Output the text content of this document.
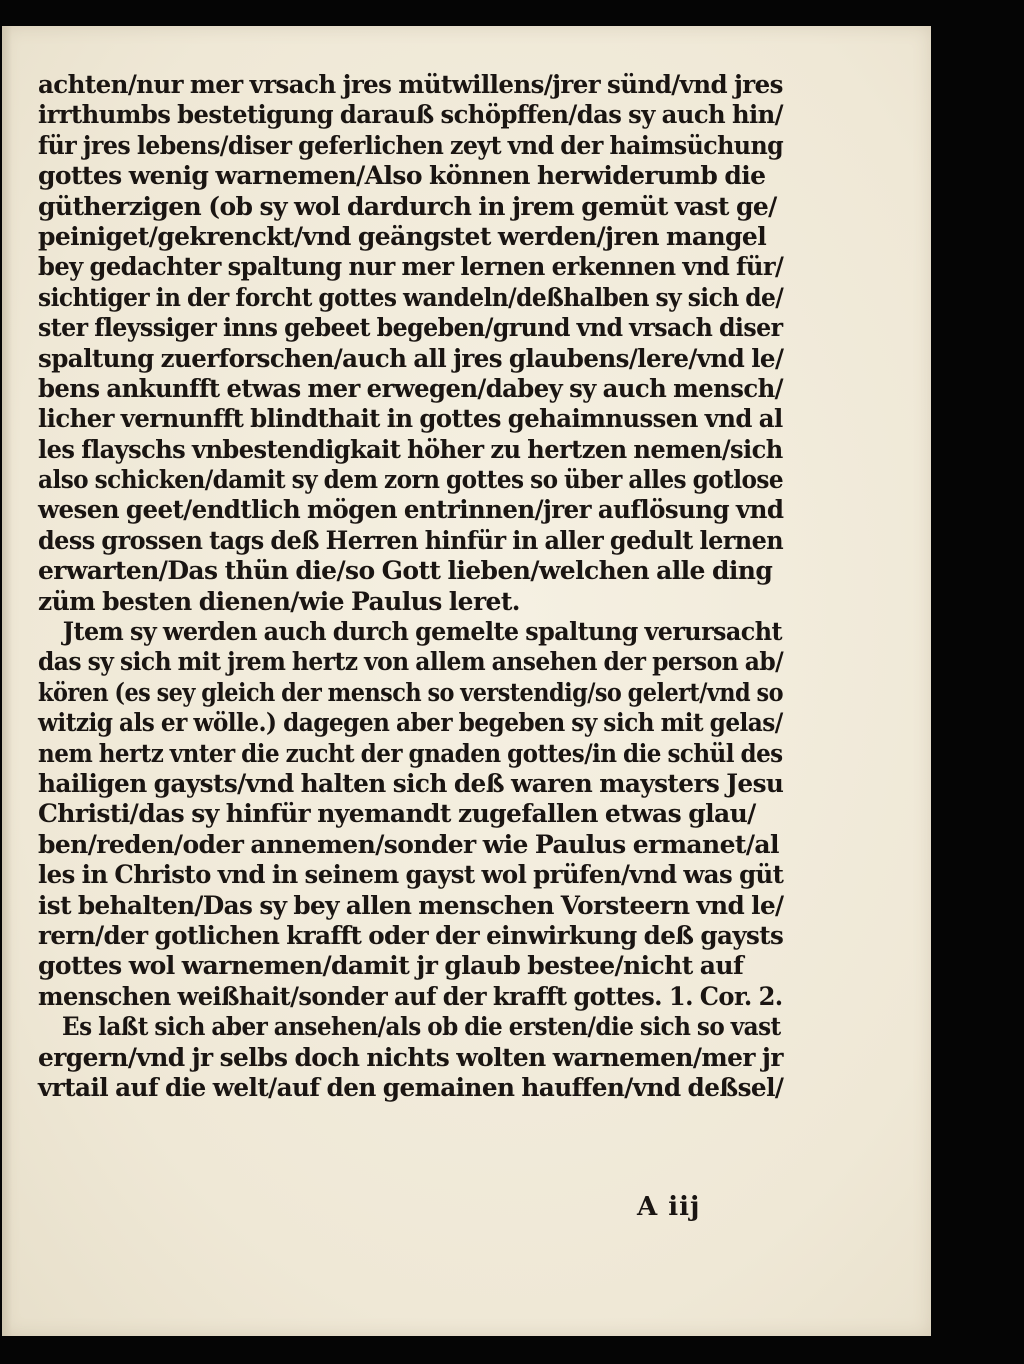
achten/nur mer vrsach jres mütwillens/jrer sünd/vnd jres
irrthumbs bestetigung darauß schöpffen/das sy auch hin/
für jres lebens/diser geferlichen zeyt vnd der haimsüchung
gottes wenig warnemen/Also können herwiderumb die
gütherzigen (ob sy wol dardurch in jrem gemüt vast ge/
peiniget/gekrenckt/vnd geängstet werden/jren mangel
bey gedachter spaltung nur mer lernen erkennen vnd für/
sichtiger in der forcht gottes wandeln/deßhalben sy sich de/
ster fleyssiger inns gebeet begeben/grund vnd vrsach diser
spaltung zuerforschen/auch all jres glaubens/lere/vnd le/
bens ankunfft etwas mer erwegen/dabey sy auch mensch/
licher vernunfft blindthait in gottes gehaimnussen vnd al
les flayschs vnbestendigkait höher zu hertzen nemen/sich
also schicken/damit sy dem zorn gottes so über alles gotlose
wesen geet/endtlich mögen entrinnen/jrer auflösung vnd
dess grossen tags deß Herren hinfür in aller gedult lernen
erwarten/Das thün die/so Gott lieben/welchen alle ding
züm besten dienen/wie Paulus leret.
Jtem sy werden auch durch gemelte spaltung verursacht
das sy sich mit jrem hertz von allem ansehen der person ab/
kören (es sey gleich der mensch so verstendig/so gelert/vnd so
witzig als er wölle.) dagegen aber begeben sy sich mit gelas/
nem hertz vnter die zucht der gnaden gottes/in die schül des
hailigen gaysts/vnd halten sich deß waren maysters Jesu
Christi/das sy hinfür nyemandt zugefallen etwas glau/
ben/reden/oder annemen/sonder wie Paulus ermanet/al
les in Christo vnd in seinem gayst wol prüfen/vnd was güt
ist behalten/Das sy bey allen menschen Vorsteern vnd le/
rern/der gotlichen krafft oder der einwirkung deß gaysts
gottes wol warnemen/damit jr glaub bestee/nicht auf
menschen weißhait/sonder auf der krafft gottes. 1. Cor. 2.
Es laßt sich aber ansehen/als ob die ersten/die sich so vast
ergern/vnd jr selbs doch nichts wolten warnemen/mer jr
vrtail auf die welt/auf den gemainen hauffen/vnd deßsel/
A iij
